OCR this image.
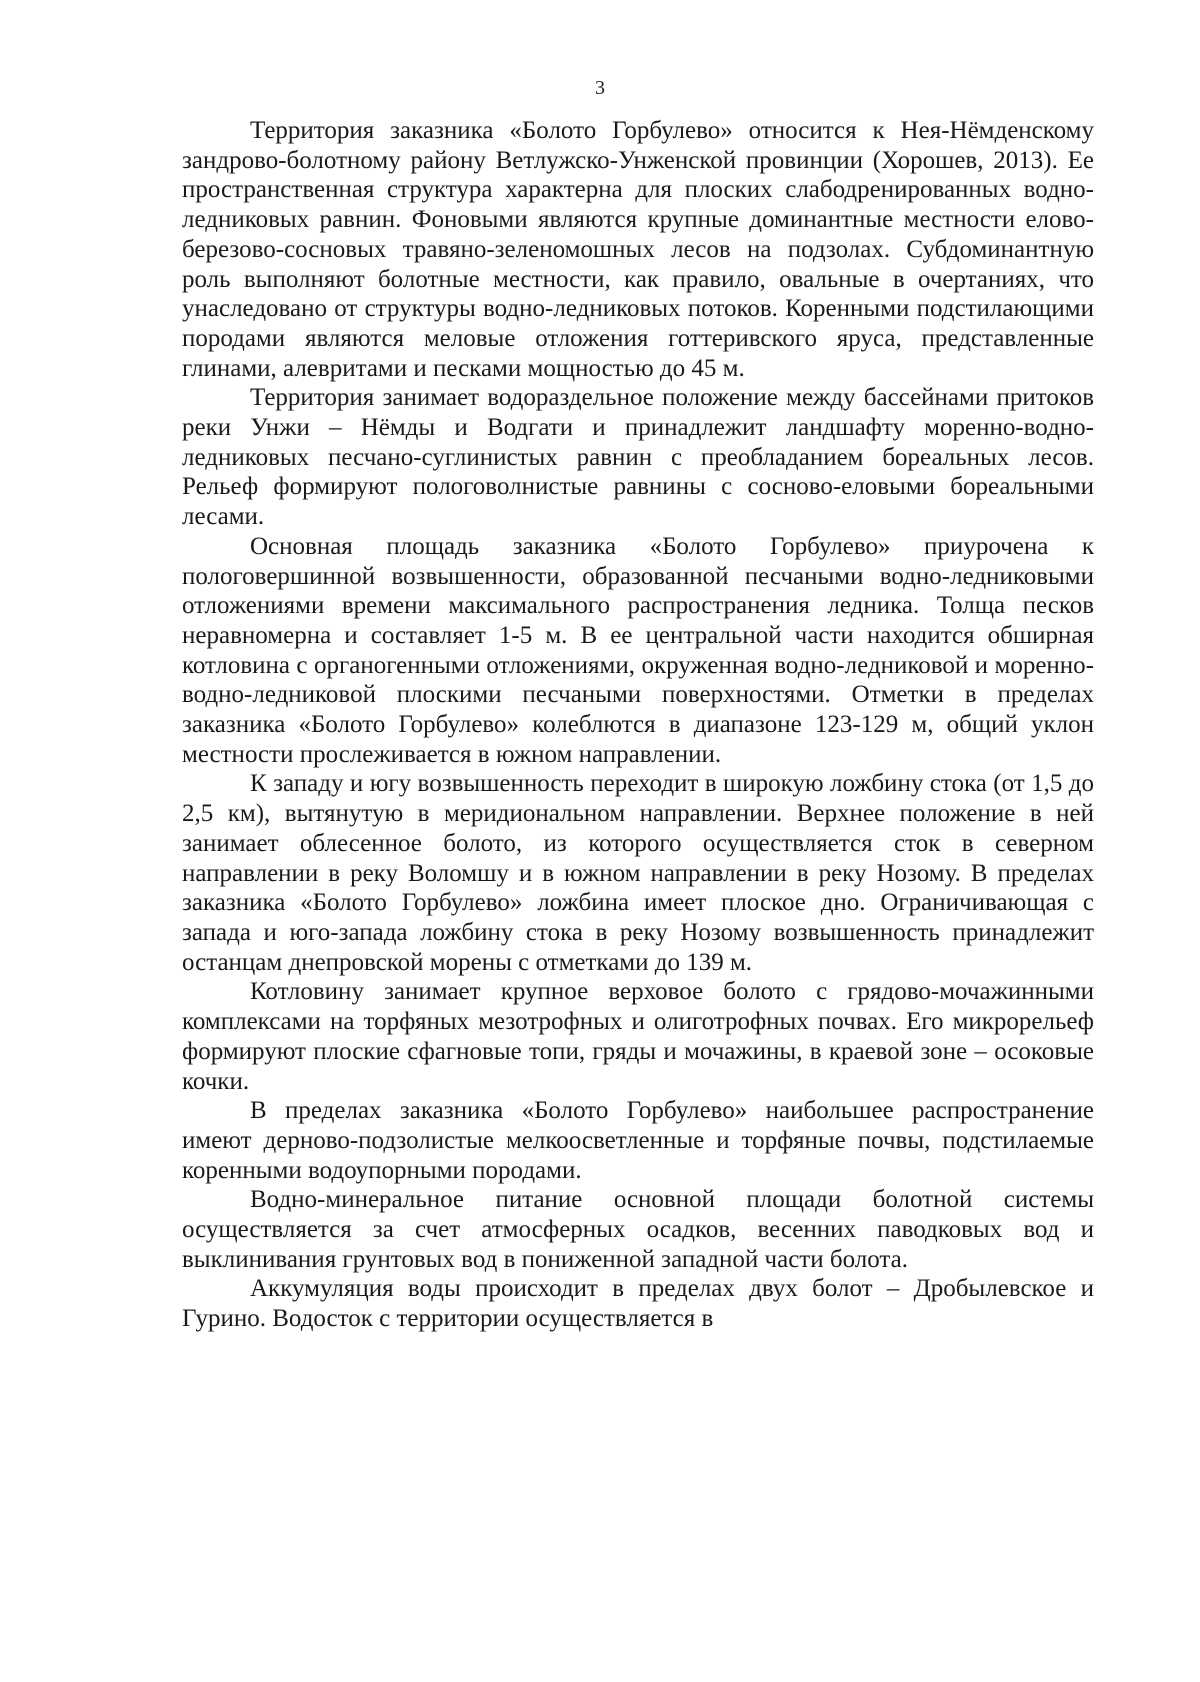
3

Территория заказника «Болото Горбулево» относится к Нея-Нёмденскому зандрово-болотному району Ветлужско-Унженской провинции (Хорошев, 2013). Ее пространственная структура характерна для плоских слабодренированных водно-ледниковых равнин. Фоновыми являются крупные доминантные местности елово-березово-сосновых травяно-зеленомошных лесов на подзолах. Субдоминантную роль выполняют болотные местности, как правило, овальные в очертаниях, что унаследовано от структуры водно-ледниковых потоков. Коренными подстилающими породами являются меловые отложения готтеривского яруса, представленные глинами, алевритами и песками мощностью до 45 м.

Территория занимает водораздельное положение между бассейнами притоков реки Унжи – Нёмды и Водгати и принадлежит ландшафту моренно-водно-ледниковых песчано-суглинистых равнин с преобладанием бореальных лесов. Рельеф формируют пологоволнистые равнины с сосново-еловыми бореальными лесами.

Основная площадь заказника «Болото Горбулево» приурочена к пологовершинной возвышенности, образованной песчаными водно-ледниковыми отложениями времени максимального распространения ледника. Толща песков неравномерна и составляет 1-5 м. В ее центральной части находится обширная котловина с органогенными отложениями, окруженная водно-ледниковой и моренно-водно-ледниковой плоскими песчаными поверхностями. Отметки в пределах заказника «Болото Горбулево» колеблются в диапазоне 123-129 м, общий уклон местности прослеживается в южном направлении.

К западу и югу возвышенность переходит в широкую ложбину стока (от 1,5 до 2,5 км), вытянутую в меридиональном направлении. Верхнее положение в ней занимает облесенное болото, из которого осуществляется сток в северном направлении в реку Воломшу и в южном направлении в реку Нозому. В пределах заказника «Болото Горбулево» ложбина имеет плоское дно. Ограничивающая с запада и юго-запада ложбину стока в реку Нозому возвышенность принадлежит останцам днепровской морены с отметками до 139 м.

Котловину занимает крупное верховое болото с грядово-мочажинными комплексами на торфяных мезотрофных и олиготрофных почвах. Его микрорельеф формируют плоские сфагновые топи, гряды и мочажины, в краевой зоне – осоковые кочки.

В пределах заказника «Болото Горбулево» наибольшее распространение имеют дерново-подзолистые мелкоосветленные и торфяные почвы, подстилаемые коренными водоупорными породами.

Водно-минеральное питание основной площади болотной системы осуществляется за счет атмосферных осадков, весенних паводковых вод и выклинивания грунтовых вод в пониженной западной части болота.

Аккумуляция воды происходит в пределах двух болот – Дробылевское и Гурино. Водосток с территории осуществляется в
